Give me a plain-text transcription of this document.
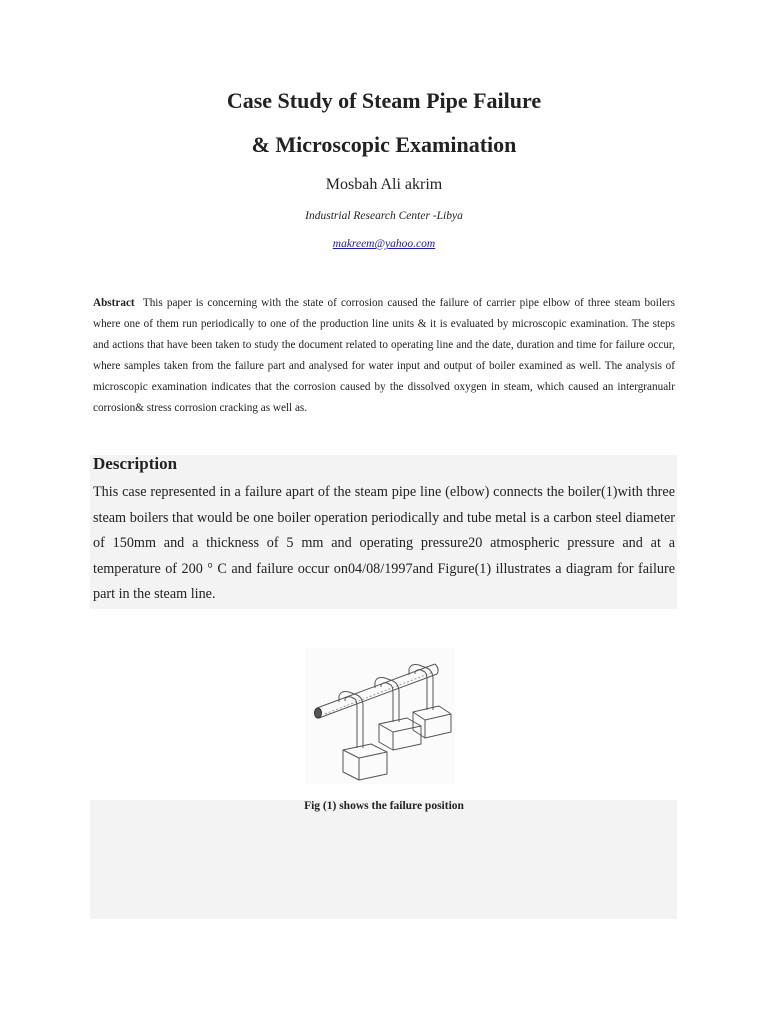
Case Study of Steam Pipe Failure
& Microscopic Examination
Mosbah Ali akrim
Industrial Research Center -Libya
makreem@yahoo.com
Abstract This paper is concerning with the state of corrosion caused the failure of carrier pipe elbow of three steam boilers where one of them run periodically to one of the production line units & it is evaluated by microscopic examination. The steps and actions that have been taken to study the document related to operating line and the date, duration and time for failure occur, where samples taken from the failure part and analysed for water input and output of boiler examined as well. The analysis of microscopic examination indicates that the corrosion caused by the dissolved oxygen in steam, which caused an intergranualr corrosion& stress corrosion cracking as well as.
Description
This case represented in a failure apart of the steam pipe line (elbow) connects the boiler(1)with three steam boilers that would be one boiler operation periodically and tube metal is a carbon steel diameter of 150mm and a thickness of 5 mm and operating pressure20 atmospheric pressure and at a temperature of 200 ° C and failure occur on04/08/1997and Figure(1) illustrates a diagram for failure part in the steam line.
Fig (1) shows the failure position
